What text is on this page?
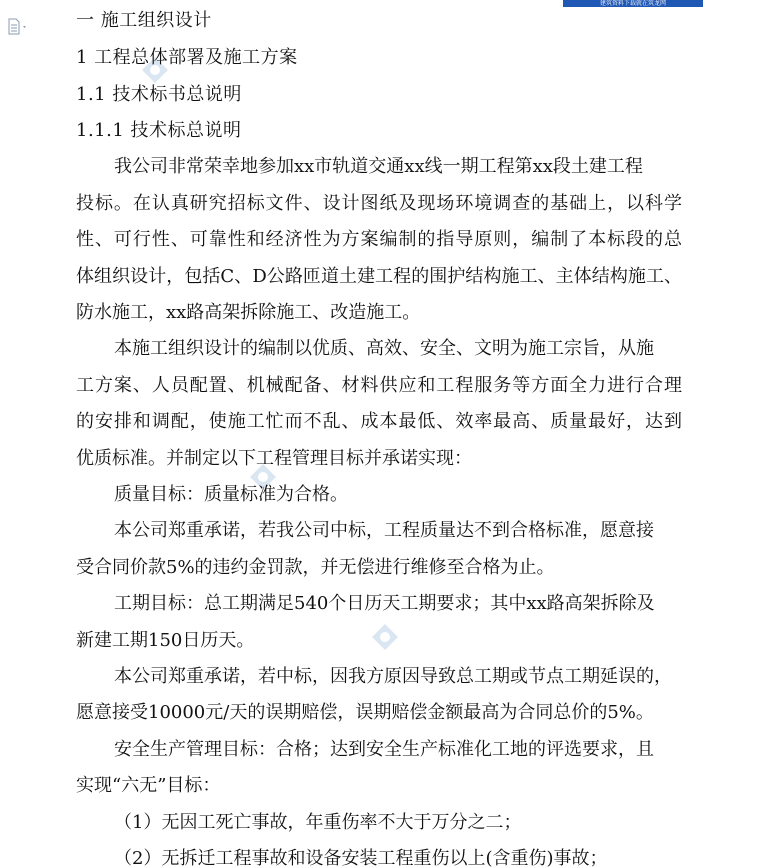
建筑资料下载就在筑龙网
一 施工组织设计
1 工程总体部署及施工方案
1.1 技术标书总说明
1.1.1 技术标总说明
我公司非常荣幸地参加xx市轨道交通xx线一期工程第xx段土建工程
投标。在认真研究招标文件、设计图纸及现场环境调查的基础上，以科学
性、可行性、可靠性和经济性为方案编制的指导原则，编制了本标段的总
体组织设计，包括C、D公路匝道土建工程的围护结构施工、主体结构施工、
防水施工，xx路高架拆除施工、改造施工。
本施工组织设计的编制以优质、高效、安全、文明为施工宗旨，从施
工方案、人员配置、机械配备、材料供应和工程服务等方面全力进行合理
的安排和调配，使施工忙而不乱、成本最低、效率最高、质量最好，达到
优质标准。并制定以下工程管理目标并承诺实现：
质量目标：质量标准为合格。
本公司郑重承诺，若我公司中标，工程质量达不到合格标准，愿意接
受合同价款5%的违约金罚款，并无偿进行维修至合格为止。
工期目标：总工期满足540个日历天工期要求；其中xx路高架拆除及
新建工期150日历天。
本公司郑重承诺，若中标，因我方原因导致总工期或节点工期延误的，
愿意接受10000元/天的误期赔偿，误期赔偿金额最高为合同总价的5%。
安全生产管理目标：合格；达到安全生产标准化工地的评选要求，且
实现“六无”目标：
（1）无因工死亡事故，年重伤率不大于万分之二；
（2）无拆迁工程事故和设备安装工程重伤以上(含重伤)事故；
